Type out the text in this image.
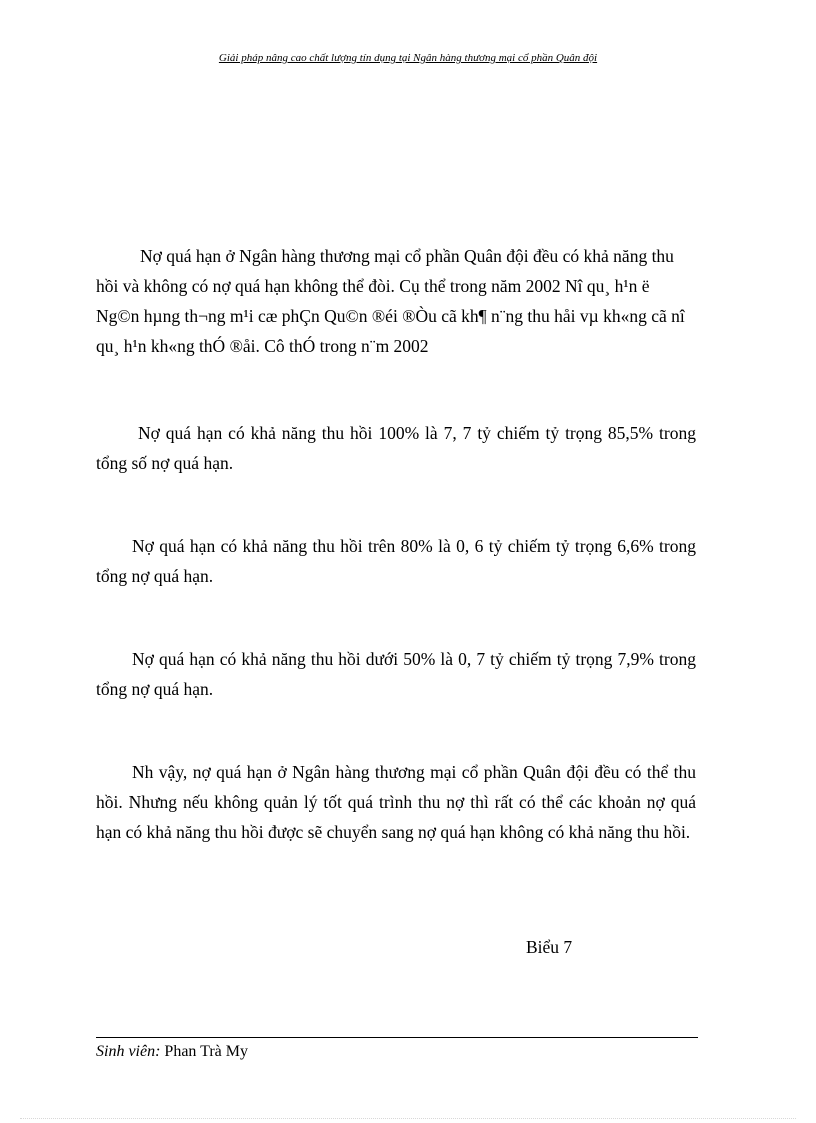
Giải pháp nâng cao chất lượng tín dụng tại Ngân hàng thương mại cổ phần Quân đội

Nợ quá hạn ở Ngân hàng thương mại cổ phần Quân đội đều có khả năng thu hồi và không có nợ quá hạn không thể đòi. Cụ thể trong năm 2002 Nî qu¸ h¹n ë Ng©n hµng th¬ng m¹i cæ phÇn Qu©n ®éi ®Òu cã kh¶ n¨ng thu håi vµ kh«ng cã nî qu¸ h¹n kh«ng thÓ ®åi. Cô thÓ trong n¨m 2002

Nợ quá hạn có khả năng thu hồi 100% là 7, 7 tỷ chiếm tỷ trọng 85,5% trong tổng số nợ quá hạn.

Nợ quá hạn có khả năng thu hồi trên 80% là 0, 6 tỷ chiếm tỷ trọng 6,6% trong tổng nợ quá hạn.

Nợ quá hạn có khả năng thu hồi dưới 50% là 0, 7 tỷ chiếm tỷ trọng 7,9% trong tổng nợ quá hạn.

Nh vậy, nợ quá hạn ở Ngân hàng thương mại cổ phần Quân đội đều có thể thu hồi. Nhưng nếu không quản lý tốt quá trình thu nợ thì rất có thể các khoản nợ quá hạn có khả năng thu hồi được sẽ chuyển sang nợ quá hạn không có khả năng thu hồi.

Biểu 7
Sinh viên: Phan Trà My
